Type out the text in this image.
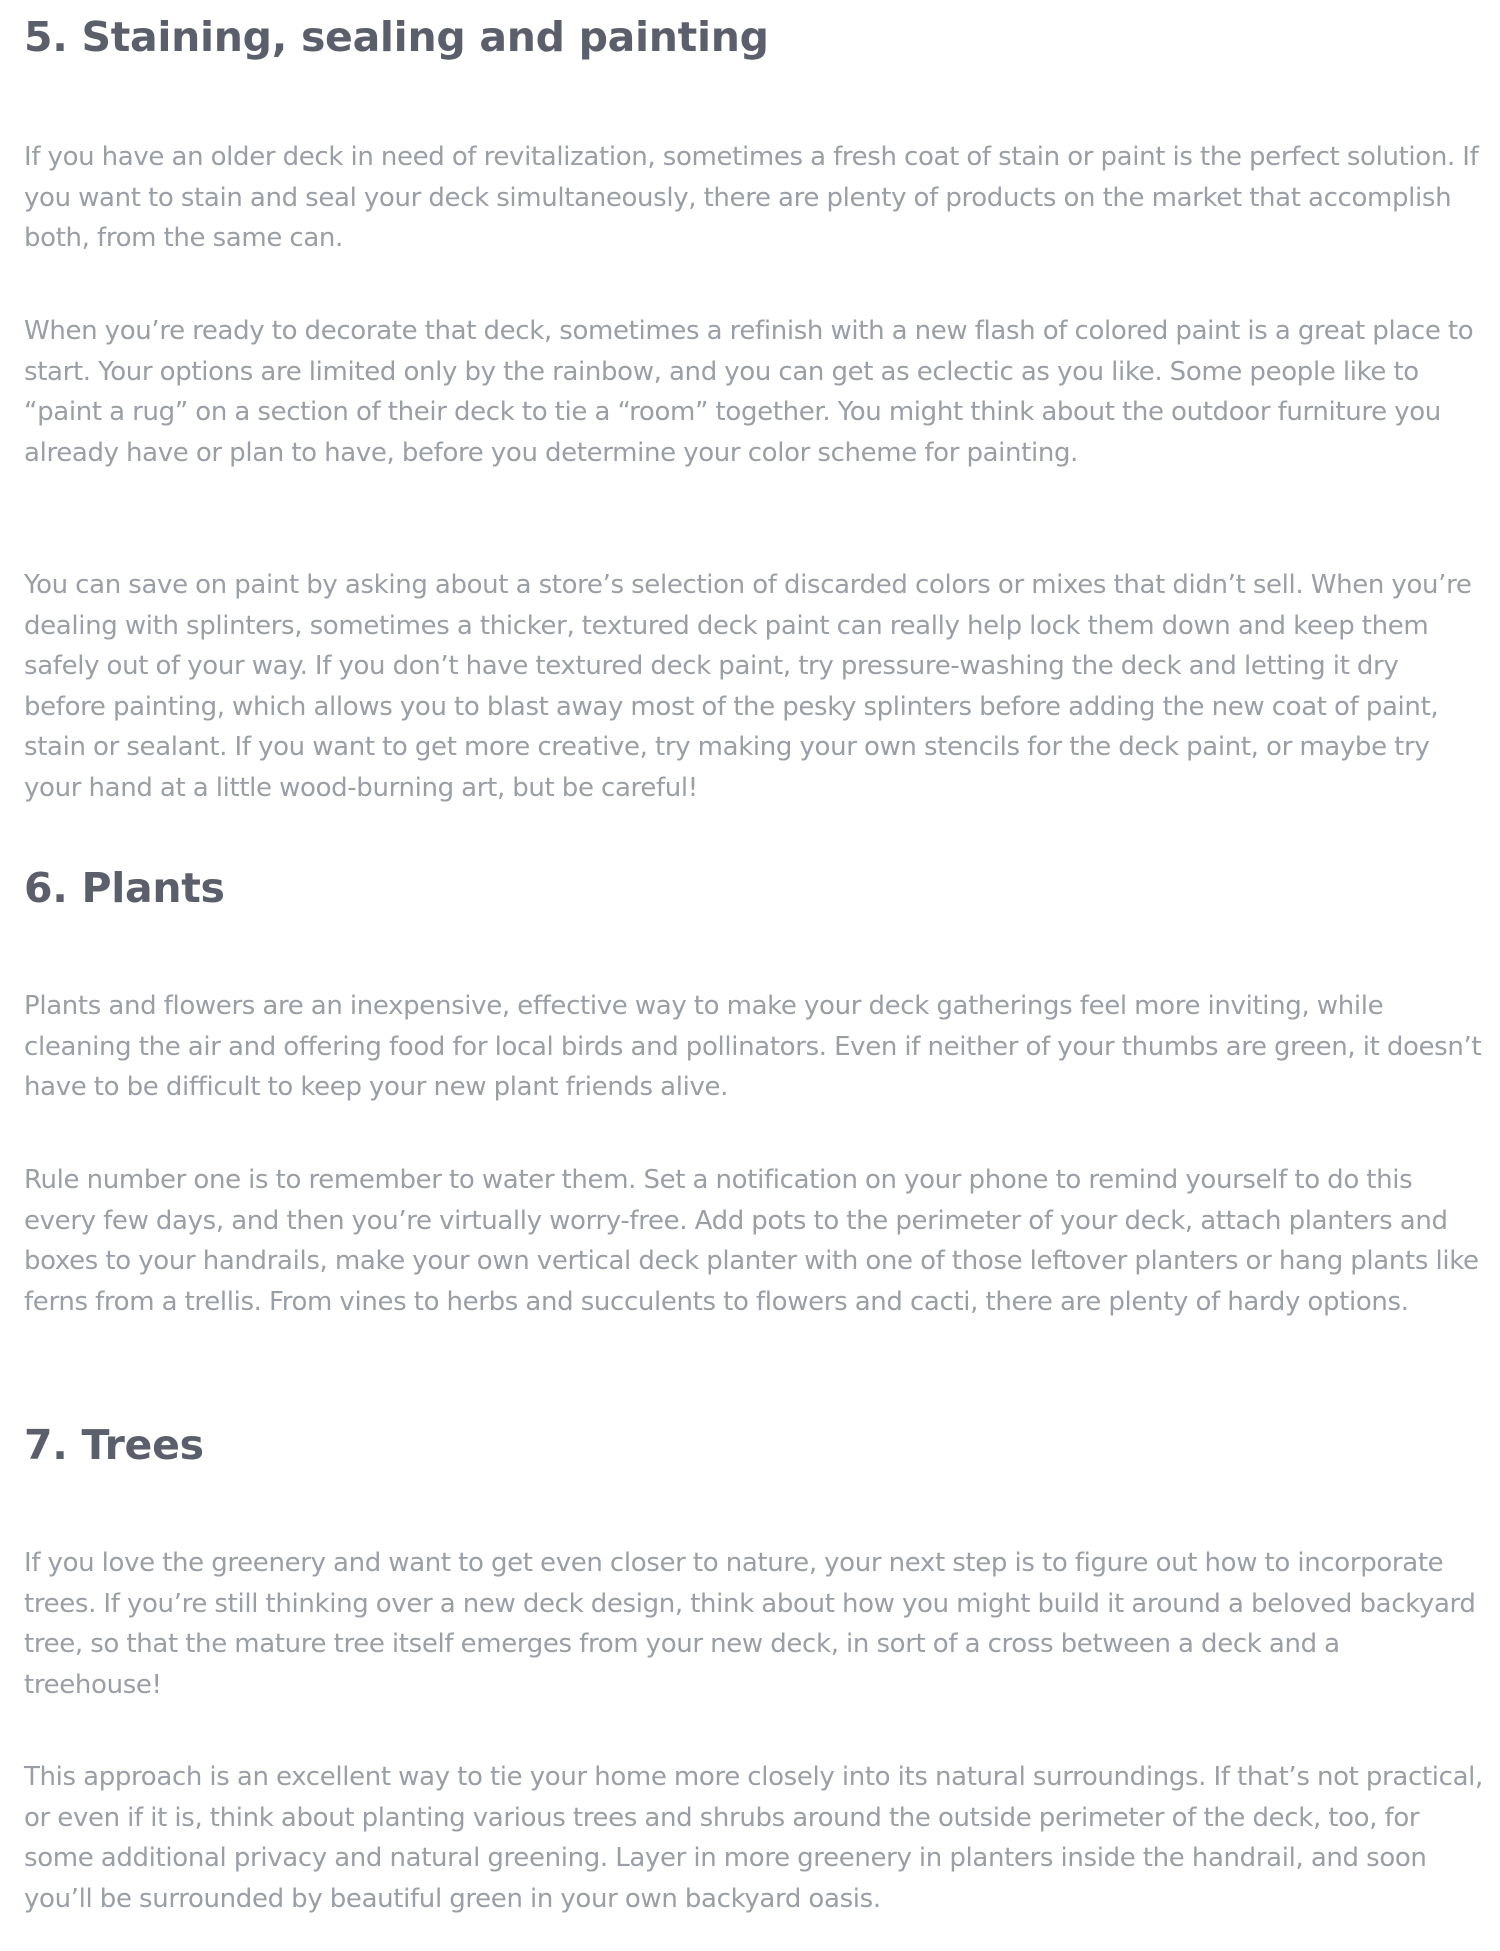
5. Staining, sealing and painting

If you have an older deck in need of revitalization, sometimes a fresh coat of stain or paint is the perfect solution. If you want to stain and seal your deck simultaneously, there are plenty of products on the market that accomplish both, from the same can.

When you’re ready to decorate that deck, sometimes a refinish with a new flash of colored paint is a great place to start. Your options are limited only by the rainbow, and you can get as eclectic as you like. Some people like to “paint a rug” on a section of their deck to tie a “room” together. You might think about the outdoor furniture you already have or plan to have, before you determine your color scheme for painting.

You can save on paint by asking about a store’s selection of discarded colors or mixes that didn’t sell. When you’re dealing with splinters, sometimes a thicker, textured deck paint can really help lock them down and keep them safely out of your way. If you don’t have textured deck paint, try pressure-washing the deck and letting it dry before painting, which allows you to blast away most of the pesky splinters before adding the new coat of paint, stain or sealant. If you want to get more creative, try making your own stencils for the deck paint, or maybe try your hand at a little wood-burning art, but be careful!

6. Plants

Plants and flowers are an inexpensive, effective way to make your deck gatherings feel more inviting, while cleaning the air and offering food for local birds and pollinators. Even if neither of your thumbs are green, it doesn’t have to be difficult to keep your new plant friends alive.

Rule number one is to remember to water them. Set a notification on your phone to remind yourself to do this every few days, and then you’re virtually worry-free. Add pots to the perimeter of your deck, attach planters and boxes to your handrails, make your own vertical deck planter with one of those leftover planters or hang plants like ferns from a trellis. From vines to herbs and succulents to flowers and cacti, there are plenty of hardy options.

7. Trees

If you love the greenery and want to get even closer to nature, your next step is to figure out how to incorporate trees. If you’re still thinking over a new deck design, think about how you might build it around a beloved backyard tree, so that the mature tree itself emerges from your new deck, in sort of a cross between a deck and a treehouse!

This approach is an excellent way to tie your home more closely into its natural surroundings. If that’s not practical, or even if it is, think about planting various trees and shrubs around the outside perimeter of the deck, too, for some additional privacy and natural greening. Layer in more greenery in planters inside the handrail, and soon you’ll be surrounded by beautiful green in your own backyard oasis.
